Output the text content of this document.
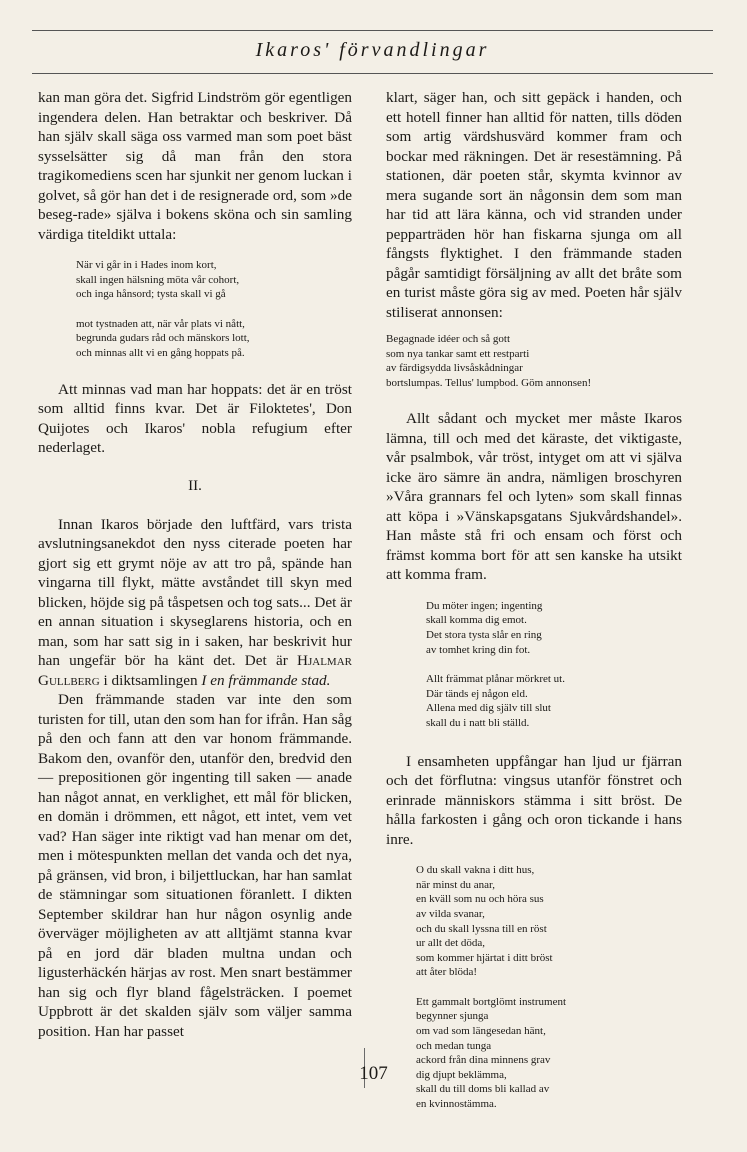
Ikaros' förvandlingar

kan man göra det. Sigfrid Lindström gör egentligen ingendera delen. Han betraktar och beskriver. Då han själv skall säga oss varmed man som poet bäst sysselsätter sig då man från den stora tragikomediens scen har sjunkit ner genom luckan i golvet, så gör han det i de resignerade ord, som »de beseg-rade» själva i bokens sköna och sin samling värdiga titeldikt uttala:

När vi går in i Hades inom kort,
skall ingen hälsning möta vår cohort,
och inga hånsord; tysta skall vi gå

mot tystnaden att, när vår plats vi nått,
begrunda gudars råd och mänskors lott,
och minnas allt vi en gång hoppats på.

Att minnas vad man har hoppats: det är en tröst som alltid finns kvar. Det är Filoktetes', Don Quijotes och Ikaros' nobla refugium efter nederlaget.

II.

Innan Ikaros började den luftfärd, vars trista avslutningsanekdot den nyss citerade poeten har gjort sig ett grymt nöje av att tro på, spände han vingarna till flykt, mätte avståndet till skyn med blicken, höjde sig på tåspetsen och tog sats... Det är en annan situation i skyseglarens historia, och en man, som har satt sig in i saken, har beskrivit hur han ungefär bör ha känt det. Det är Hjalmar Gullberg i diktsamlingen I en främmande stad.

Den främmande staden var inte den som turisten for till, utan den som han for ifrån. Han såg på den och fann att den var honom främmande. Bakom den, ovanför den, utanför den, bredvid den — prepositionen gör ingenting till saken — anade han något annat, en verklighet, ett mål för blicken, en domän i drömmen, ett något, ett intet, vem vet vad? Han säger inte riktigt vad han menar om det, men i mötespunkten mellan det vanda och det nya, på gränsen, vid bron, i biljettluckan, har han samlat de stämningar som situationen föranlett. I dikten September skildrar han hur någon osynlig ande överväger möjligheten av att alltjämt stanna kvar på en jord där bladen multna undan och ligusterhäckén härjas av rost. Men snart bestämmer han sig och flyr bland fågelsträcken. I poemet Uppbrott är det skalden själv som väljer samma position. Han har passet

klart, säger han, och sitt gepäck i handen, och ett hotell finner han alltid för natten, tills döden som artig värdshusvärd kommer fram och bockar med räkningen. Det är resestämning. På stationen, där poeten står, skymta kvinnor av mera sugande sort än någonsin dem som man har tid att lära känna, och vid stranden under pepparträden hör han fiskarna sjunga om all fångsts flyktighet. I den främmande staden pågår samtidigt försäljning av allt det bråte som en turist måste göra sig av med. Poeten hår själv stiliserat annonsen:

Begagnade idéer och så gott
som nya tankar samt ett restparti
av färdigsydda livsåskådningar
bortslumpas. Tellus' lumpbod. Göm annonsen!

Allt sådant och mycket mer måste Ikaros lämna, till och med det käraste, det viktigaste, vår psalmbok, vår tröst, intyget om att vi själva icke äro sämre än andra, nämligen broschyren »Våra grannars fel och lyten» som skall finnas att köpa i »Vänskapsgatans Sjukvårdshandel». Han måste stå fri och ensam och först och främst komma bort för att sen kanske ha utsikt att komma fram.

Du möter ingen; ingenting
skall komma dig emot.
Det stora tysta slår en ring
av tomhet kring din fot.

Allt främmat plånar mörkret ut.
Där tänds ej någon eld.
Allena med dig själv till slut
skall du i natt bli ställd.

I ensamheten uppfångar han ljud ur fjärran och det förflutna: vingsus utanför fönstret och erinrade människors stämma i sitt bröst. De hålla farkosten i gång och oron tickande i hans inre.

O du skall vakna i ditt hus,
när minst du anar,
en kväll som nu och höra sus
av vilda svanar,
och du skall lyssna till en röst
ur allt det döda,
som kommer hjärtat i ditt bröst
att åter blöda!

Ett gammalt bortglömt instrument
begynner sjunga
om vad som längesedan hänt,
och medan tunga
ackord från dina minnens grav
dig djupt beklämma,
skall du till doms bli kallad av
en kvinnostämma.

107
